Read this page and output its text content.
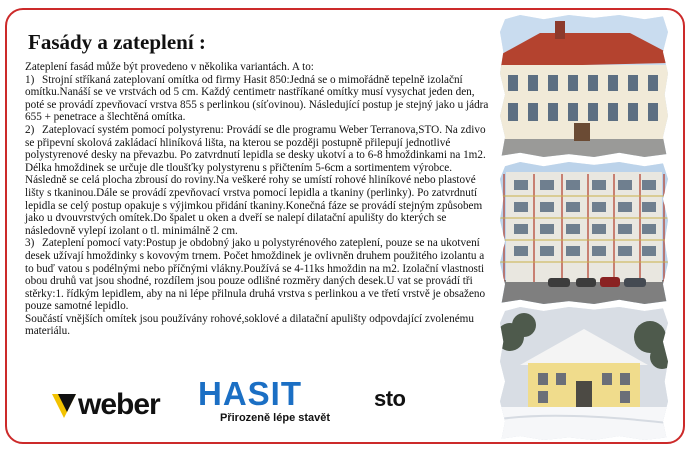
Fasády a zateplení :

Zateplení fasád může být provedeno v několika variantách. A to:

1) Strojní stříkaná zateplovaní omítka od firmy Hasit 850:Jedná se o mimořádně tepelně izolační omítku.Nanáší se ve vrstvách od 5 cm. Každý centimetr nastříkané omítky musí vysychat jeden den, poté se provádí zpevňovací vrstva 855 s perlinkou (síťovinou). Následující postup je stejný jako u jádra 655 + penetrace a šlechtěná omítka.

2) Zateplovací systém pomocí polystyrenu: Provádí se dle programu Weber Terranova,STO. Na zdivo se připevní skolová zakládací hliníková lišta, na kterou se později postupně přilepují jednotlivé polystyrenové desky na převazbu. Po zatvrdnutí lepidla se desky ukotví a to 6-8 hmoždinkami na 1m2. Délka hmoždinek se určuje dle tloušťky polystyrenu s přičtením 5-6cm a sortimentem výrobce. Následně se celá plocha zbrousí do roviny.Na veškeré rohy se umístí rohové hliníkové nebo plastové lišty s tkaninou.Dále se provádí zpevňovací vrstva pomocí lepidla a tkaniny (perlinky). Po zatvrdnutí lepidla se celý postup opakuje s výjimkou přidání tkaniny.Konečná fáze se provádí stejným způsobem jako u dvouvrstvých omítek.Do špalet u oken a dveří se nalepí dilatační apulišty do kterých se následovně vylepí izolant o tl. minimálně 2 cm.

3) Zateplení pomocí vaty:Postup je obdobný jako u polystyrénového zateplení, pouze se na ukotvení desek užívají hmoždinky s kovovým trnem. Počet hmoždinek je ovlivněn druhem použitého izolantu a to buď vatou s podélnými nebo příčnými vlákny.Používá se 4-11ks hmoždin na m2. Izolační vlastnosti obou druhů vat jsou shodné, rozdílem jsou pouze odlišné rozměry daných desek.U vat se provádí tři stěrky:1. řídkým lepidlem, aby na ni lépe přilnula druhá vrstva s perlinkou a ve třetí vrstvě je obsaženo pouze samotné lepidlo.

Součástí vnějších omítek jsou používány rohové,soklové a dilatační apulišty odpovdající zvolenému materiálu.

weber HASIT
Přirozeně lépe stavět
sto
